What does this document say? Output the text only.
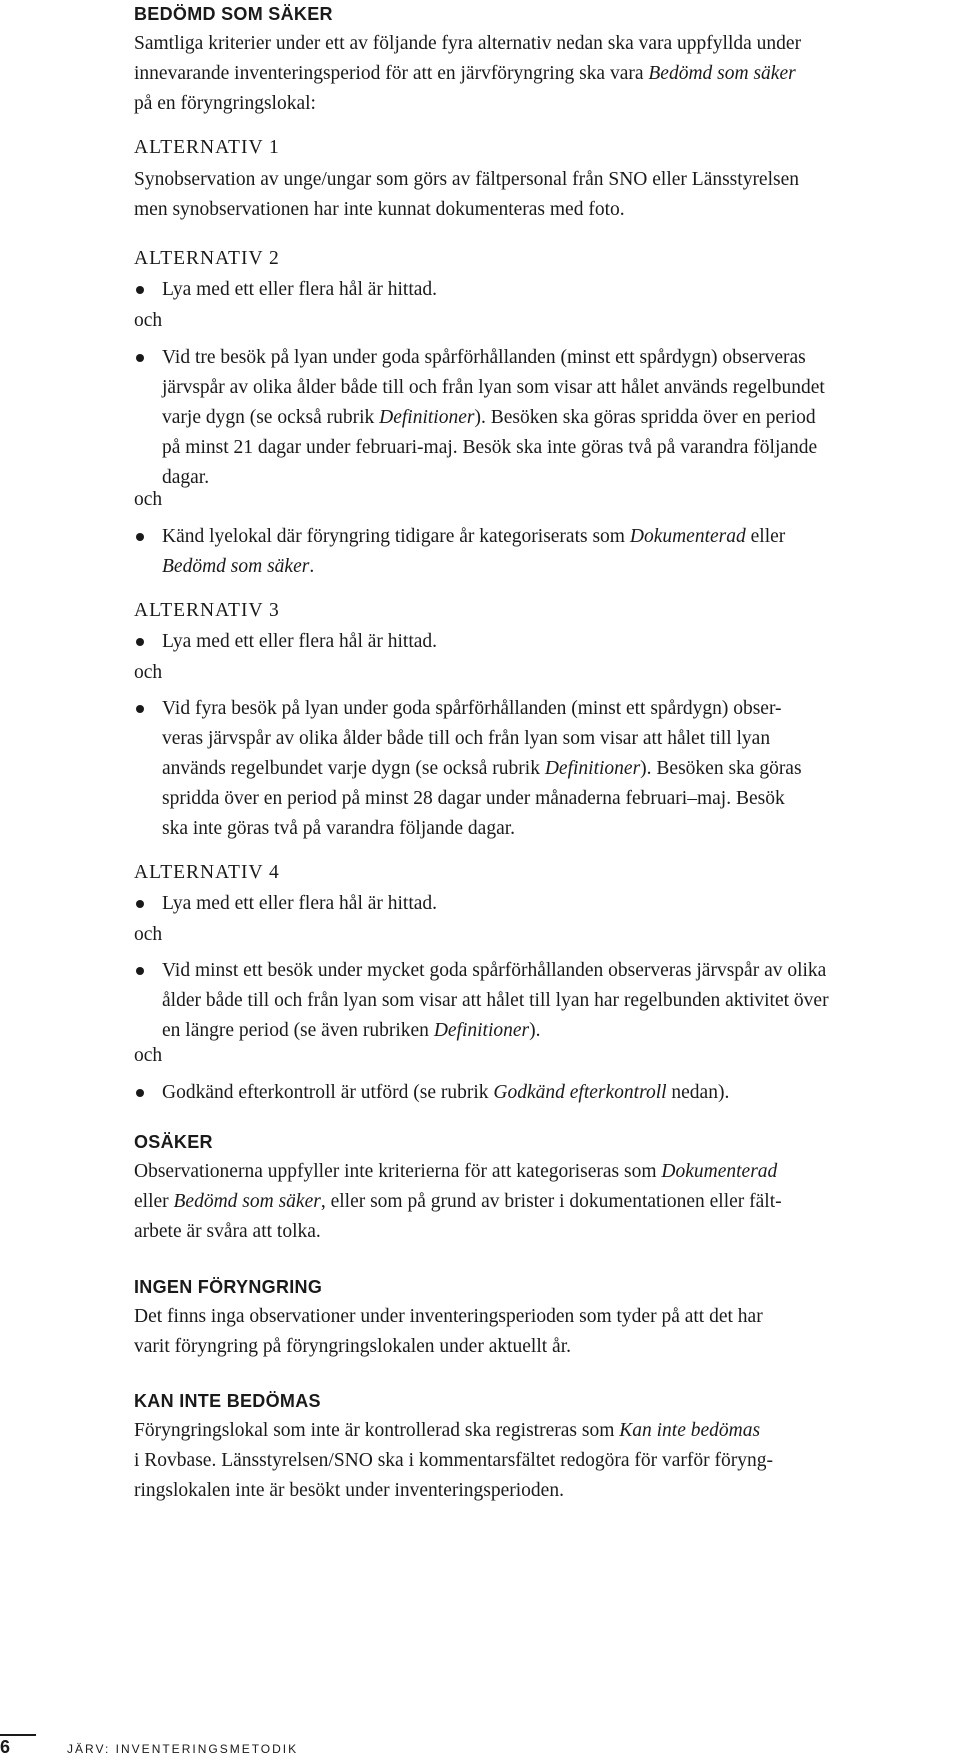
BEDÖMD SOM SÄKER
Samtliga kriterier under ett av följande fyra alternativ nedan ska vara uppfyllda under
innevarande inventeringsperiod för att en järvföryngring ska vara Bedömd som säker
på en föryngringslokal:
ALTERNATIV 1
Synobservation av unge/ungar som görs av fältpersonal från SNO eller Länsstyrelsen
men synobservationen har inte kunnat dokumenteras med foto.
ALTERNATIV 2
Lya med ett eller flera hål är hittad.
och
Vid tre besök på lyan under goda spårförhållanden (minst ett spårdygn) observeras
järvspår av olika ålder både till och från lyan som visar att hålet används regelbundet
varje dygn (se också rubrik Definitioner). Besöken ska göras spridda över en period
på minst 21 dagar under februari-maj. Besök ska inte göras två på varandra följande
dagar.
och
Känd lyelokal där föryngring tidigare år kategoriserats som Dokumenterad eller
Bedömd som säker.
ALTERNATIV 3
Lya med ett eller flera hål är hittad.
och
Vid fyra besök på lyan under goda spårförhållanden (minst ett spårdygn) obser-
veras järvspår av olika ålder både till och från lyan som visar att hålet till lyan
används regelbundet varje dygn (se också rubrik Definitioner). Besöken ska göras
spridda över en period på minst 28 dagar under månaderna februari–maj. Besök
ska inte göras två på varandra följande dagar.
ALTERNATIV 4
Lya med ett eller flera hål är hittad.
och
Vid minst ett besök under mycket goda spårförhållanden observeras järvspår av olika
ålder både till och från lyan som visar att hålet till lyan har regelbunden aktivitet över
en längre period (se även rubriken Definitioner).
och
Godkänd efterkontroll är utförd (se rubrik Godkänd efterkontroll nedan).
OSÄKER
Observationerna uppfyller inte kriterierna för att kategoriseras som Dokumenterad
eller Bedömd som säker, eller som på grund av brister i dokumentationen eller fält-
arbete är svåra att tolka.
INGEN FÖRYNGRING
Det finns inga observationer under inventeringsperioden som tyder på att det har
varit föryngring på föryngringslokalen under aktuellt år.
KAN INTE BEDÖMAS
Föryngringslokal som inte är kontrollerad ska registreras som Kan inte bedömas
i Rovbase. Länsstyrelsen/SNO ska i kommentarsfältet redogöra för varför föryng-
ringslokalen inte är besökt under inventeringsperioden.
6	JÄRV: INVENTERINGSMETODIK
